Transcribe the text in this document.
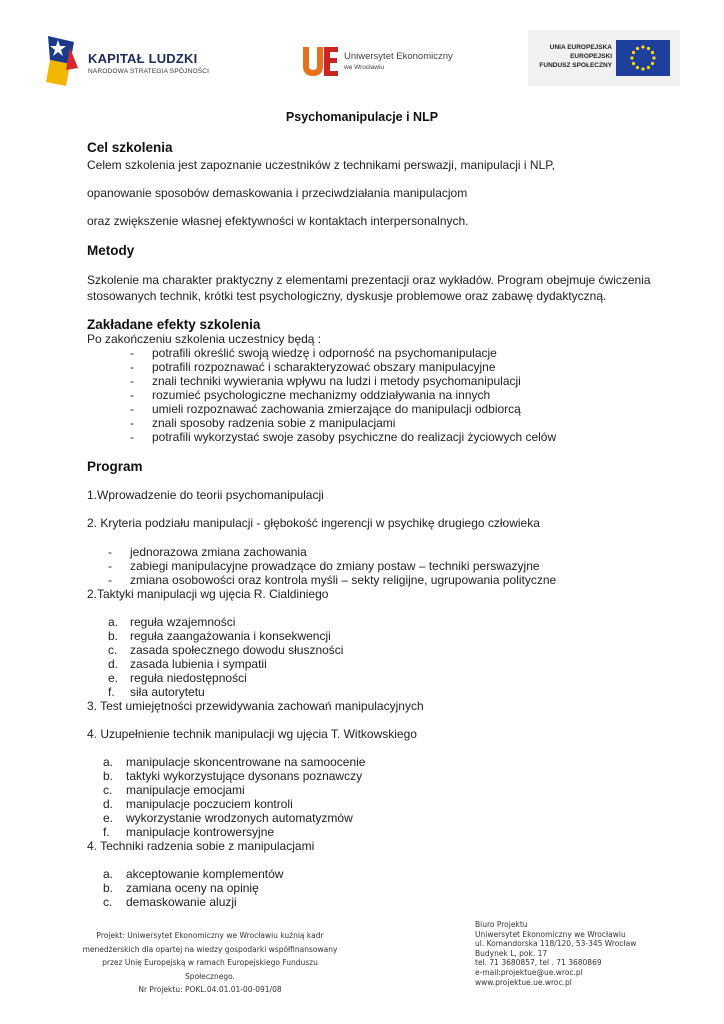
KAPITAŁ LUDZKI
NARODOWA STRATEGIA SPÓJNOŚCI
Uniwersytet Ekonomiczny
we Wrocławiu
UNIA EUROPEJSKA
EUROPEJSKI
FUNDUSZ SPOŁECZNY
Psychomanipulacje i NLP
Cel szkolenia
Celem szkolenia jest zapoznanie uczestników z technikami perswazji, manipulacji i NLP,
opanowanie sposobów demaskowania i przeciwdziałania manipulacjom
oraz zwiększenie własnej efektywności w kontaktach interpersonalnych.
Metody
Szkolenie ma charakter praktyczny z elementami prezentacji oraz wykładów. Program obejmuje ćwiczenia
stosowanych technik, krótki test psychologiczny, dyskusje problemowe oraz zabawę dydaktyczną.
Zakładane efekty szkolenia
Po zakończeniu szkolenia uczestnicy będą :
- potrafili określić swoją wiedzę i odporność na psychomanipulacje
- potrafili rozpoznawać i scharakteryzować obszary manipulacyjne
- znali techniki wywierania wpływu na ludzi i metody psychomanipulacji
- rozumieć psychologiczne mechanizmy oddziaływania na innych
- umieli rozpoznawać zachowania zmierzające do manipulacji odbiorcą
- znali sposoby radzenia sobie z manipulacjami
- potrafili wykorzystać swoje zasoby psychiczne do realizacji życiowych celów
Program
1.Wprowadzenie do teorii psychomanipulacji
2. Kryteria podziału manipulacji - głębokość ingerencji w psychikę drugiego człowieka
- jednorazowa zmiana zachowania
- zabiegi manipulacyjne prowadzące do zmiany postaw – techniki perswazyjne
- zmiana osobowości oraz kontrola myśli – sekty religijne, ugrupowania polityczne
2.Taktyki manipulacji wg ujęcia R. Cialdiniego
a. reguła wzajemności
b. reguła zaangażowania i konsekwencji
c. zasada społecznego dowodu słuszności
d. zasada lubienia i sympatii
e. reguła niedostępności
f. siła autorytetu
3. Test umiejętności przewidywania zachowań manipulacyjnych
4. Uzupełnienie technik manipulacji wg ujęcia T. Witkowskiego
a. manipulacje skoncentrowane na samoocenie
b. taktyki wykorzystujące dysonans poznawczy
c. manipulacje emocjami
d. manipulacje poczuciem kontroli
e. wykorzystanie wrodzonych automatyzmów
f. manipulacje kontrowersyjne
4. Techniki radzenia sobie z manipulacjami
a. akceptowanie komplementów
b. zamiana oceny na opinię
c. demaskowanie aluzji
Projekt: Uniwersytet Ekonomiczny we Wrocławiu kuźnią kadr
menedżerskich dla opartej na wiedzy gospodarki współfinansowany
przez Unię Europejską w ramach Europejskiego Funduszu
Społecznego.
Nr Projektu: POKL.04.01.01-00-091/08
Biuro Projektu
Uniwersytet Ekonomiczny we Wrocławiu
ul. Komandorska 118/120, 53-345 Wrocław
Budynek L, pok. 17
tel. 71 3680857, tel . 71 3680869
e-mail:projektue@ue.wroc.pl
www.projektue.ue.wroc.pl
